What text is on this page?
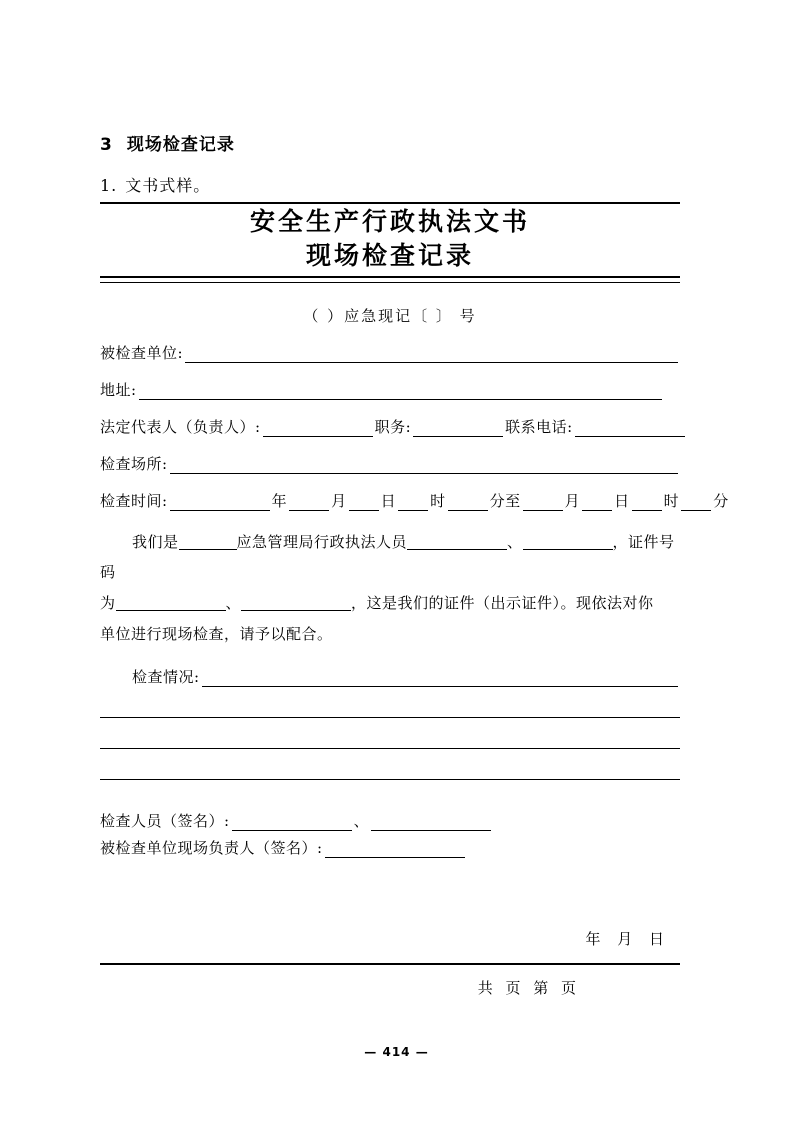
3 现场检查记录

1. 文书式样。

安全生产行政执法文书
现场检查记录
（ ）应急现记〔 〕 号
被检查单位:
地址:
法定代表人（负责人）:	职务:	联系电话:
检查场所:
检查时间:	年	月 日 时	分至	月 日 时 分

我们是	应急管理局行政执法人员	、	，证件号码
为	、	，这是我们的证件（出示证件）。现依法对你
单位进行现场检查，请予以配合。

检查情况:
检查人员（签名）:	、
被检查单位现场负责人（签名）:
年 月 日
共 页 第 页
— 414 —
